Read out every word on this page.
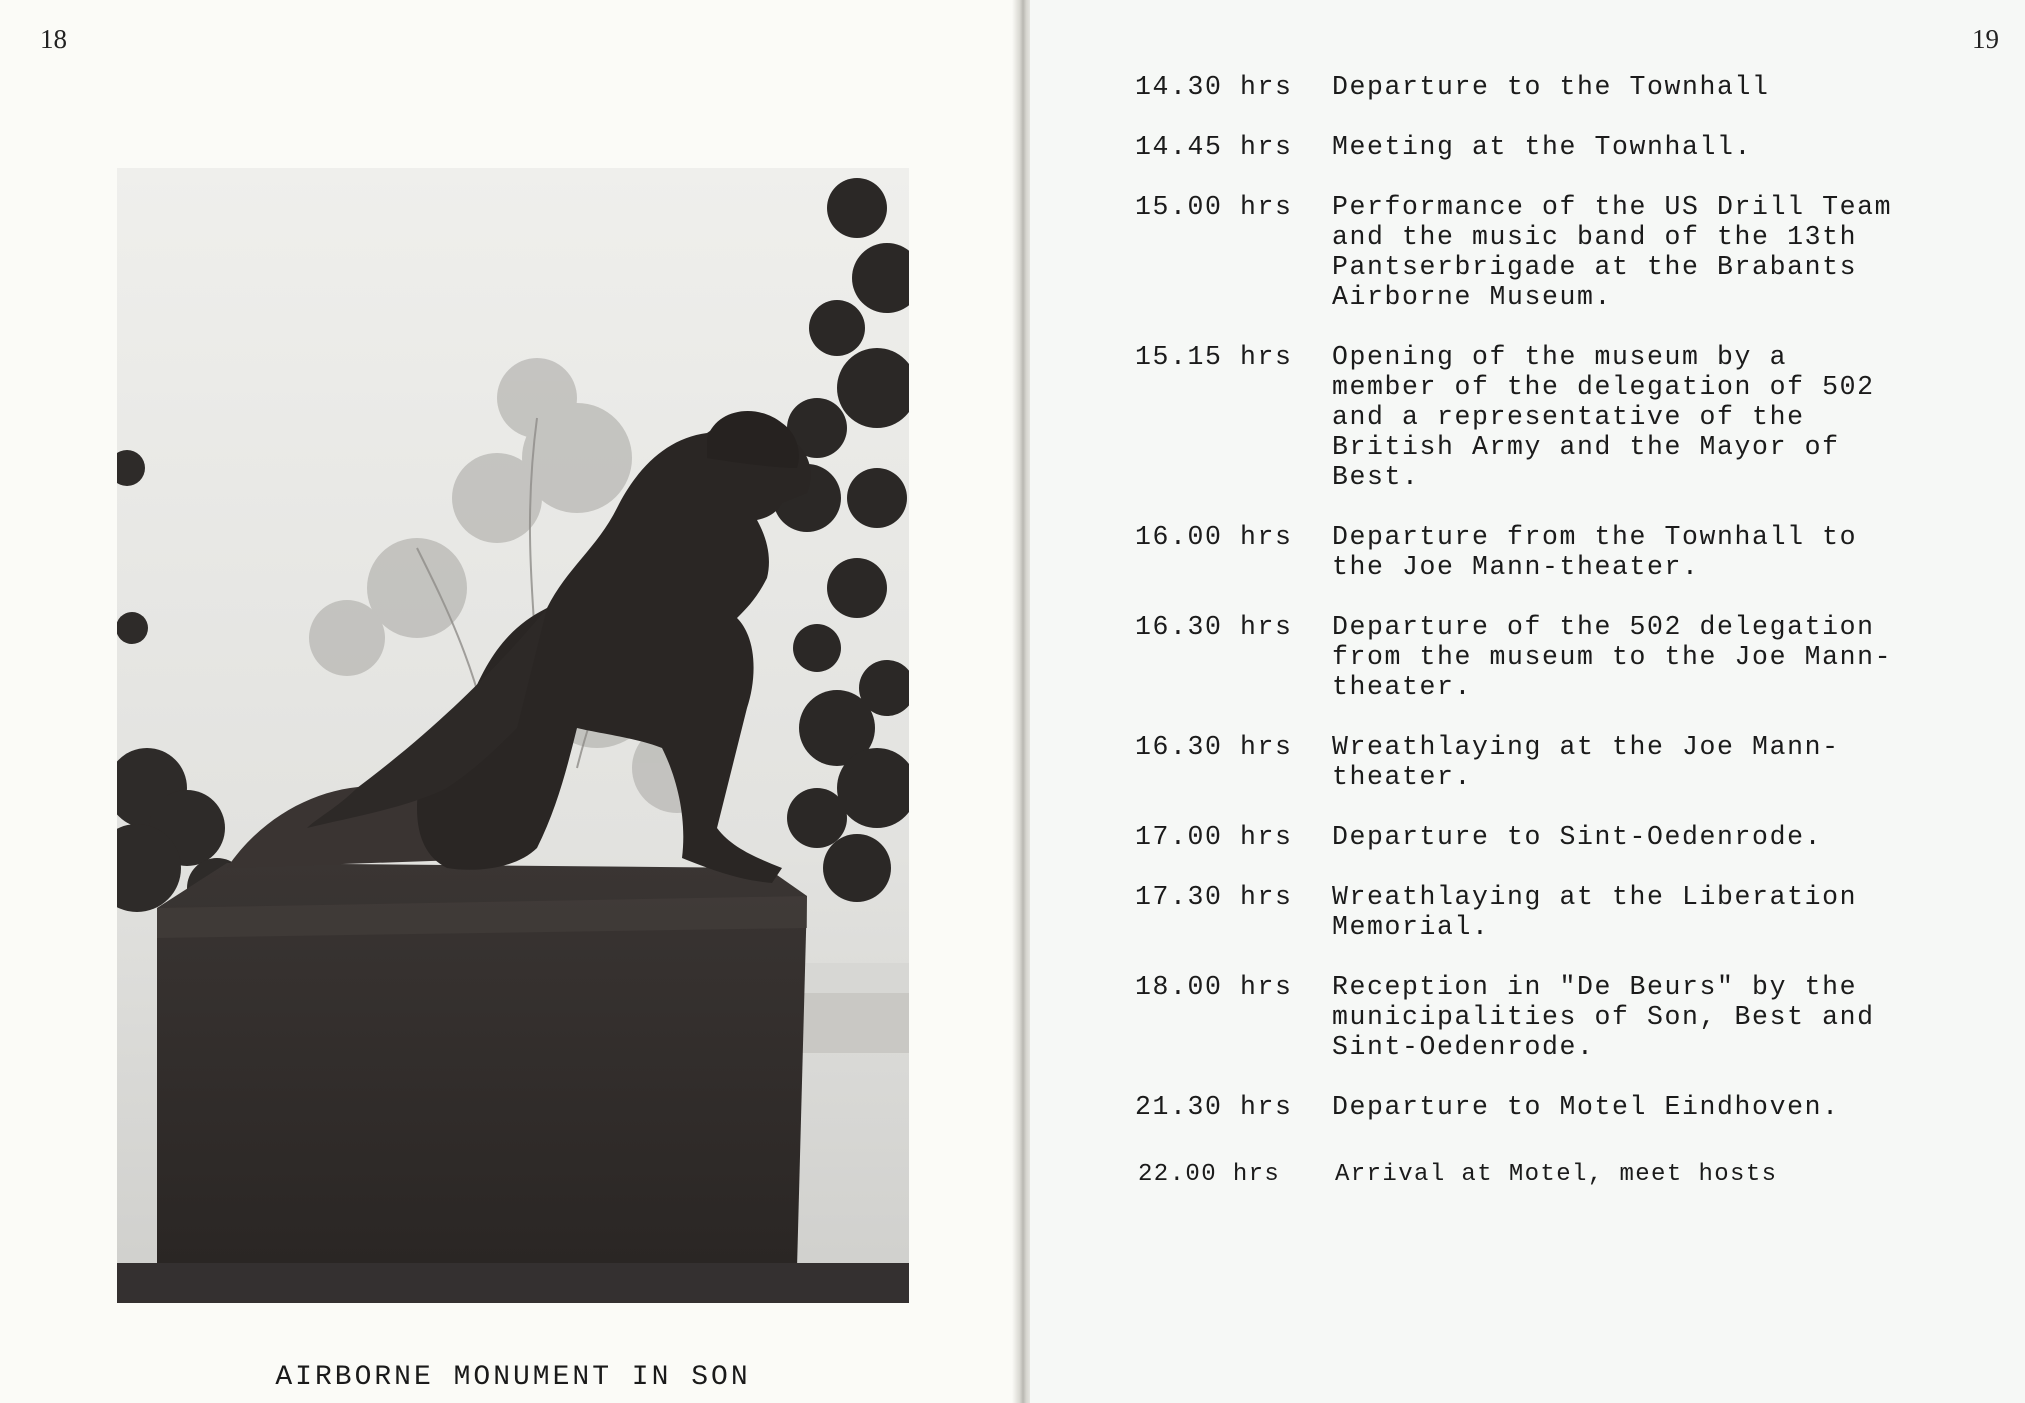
18
AIRBORNE MONUMENT IN SON
19
14.30 hrs	Departure to the Townhall
14.45 hrs	Meeting at the Townhall.
15.00 hrs	Performance of the US Drill Team
and the music band of the 13th
Pantserbrigade at the Brabants
Airborne Museum.
15.15 hrs	Opening of the museum by a
member of the delegation of 502
and a representative of the
British Army and the Mayor of
Best.
16.00 hrs	Departure from the Townhall to
the Joe Mann-theater.
16.30 hrs	Departure of the 502 delegation
from the museum to the Joe Mann-
theater.
16.30 hrs	Wreathlaying at the Joe Mann-
theater.
17.00 hrs	Departure to Sint-Oedenrode.
17.30 hrs	Wreathlaying at the Liberation
Memorial.
18.00 hrs	Reception in "De Beurs" by the
municipalities of Son, Best and
Sint-Oedenrode.
21.30 hrs	Departure to Motel Eindhoven.
22.00 hrs	Arrival at Motel, meet hosts
